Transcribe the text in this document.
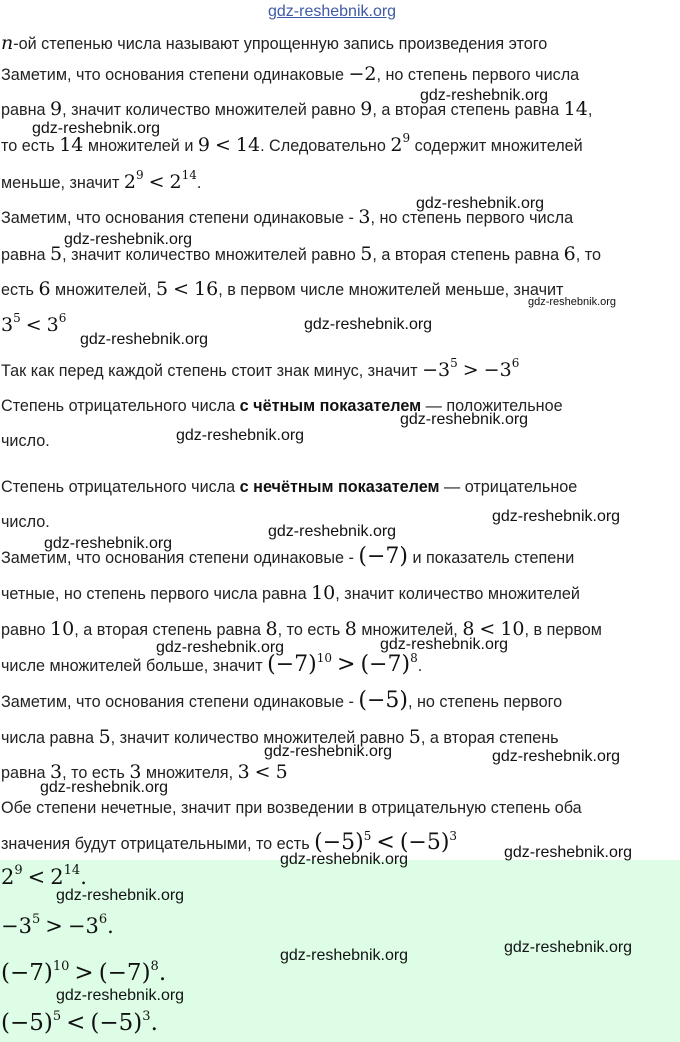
n-ой степенью числа называют упрощенную запись произведения этого
Заметим, что основания степени одинаковые −2, но степень первого числа
равна 9, значит количество множителей равно 9, а вторая степень равна 14,
то есть 14 множителей и 9 < 14. Следовательно $2^9$ содержит множителей
меньше, значит $2^9 < 2^{14}$.
Заметим, что основания степени одинаковые - 3, но степень первого числа
равна 5, значит количество множителей равно 5, а вторая степень равна 6, то
есть 6 множителей, 5 < 16, в первом числе множителей меньше, значит
$3^5 < 3^6$
Так как перед каждой степень стоит знак минус, значит $-3^5 > -3^6$
Степень отрицательного числа с чётным показателем — положительное
число.
Степень отрицательного числа с нечётным показателем — отрицательное
число.
Заметим, что основания степени одинаковые - (−7) и показатель степени
четные, но степень первого числа равна 10, значит количество множителей
равно 10, а вторая степень равна 8, то есть 8 множителей, 8 < 10, в первом
числе множителей больше, значит $(-7)^{10} > (-7)^8$.
Заметим, что основания степени одинаковые - (−5), но степень первого
числа равна 5, значит количество множителей равно 5, а вторая степень
равна 3, то есть 3 множителя, 3 < 5
Обе степени нечетные, значит при возведении в отрицательную степень оба
значения будут отрицательными, то есть $(-5)^5 < (-5)^3$
$2^9 < 2^{14}$.
$-3^5 > -3^6$.
$(-7)^{10} > (-7)^8$.
$(-5)^5 < (-5)^3$.
gdz-reshebnik.org
gdz-reshebnik.org
gdz-reshebnik.org
gdz-reshebnik.org
gdz-reshebnik.org
gdz-reshebnik.org
gdz-reshebnik.org
gdz-reshebnik.org
gdz-reshebnik.org
gdz-reshebnik.org
gdz-reshebnik.org
gdz-reshebnik.org
gdz-reshebnik.org
gdz-reshebnik.org
gdz-reshebnik.org
gdz-reshebnik.org	gdz-reshebnik.org
gdz-reshebnik.org
gdz-reshebnik.org
gdz-reshebnik.org
gdz-reshebnik.org
gdz-reshebnik.org
gdz-reshebnik.org
gdz-reshebnik.org
